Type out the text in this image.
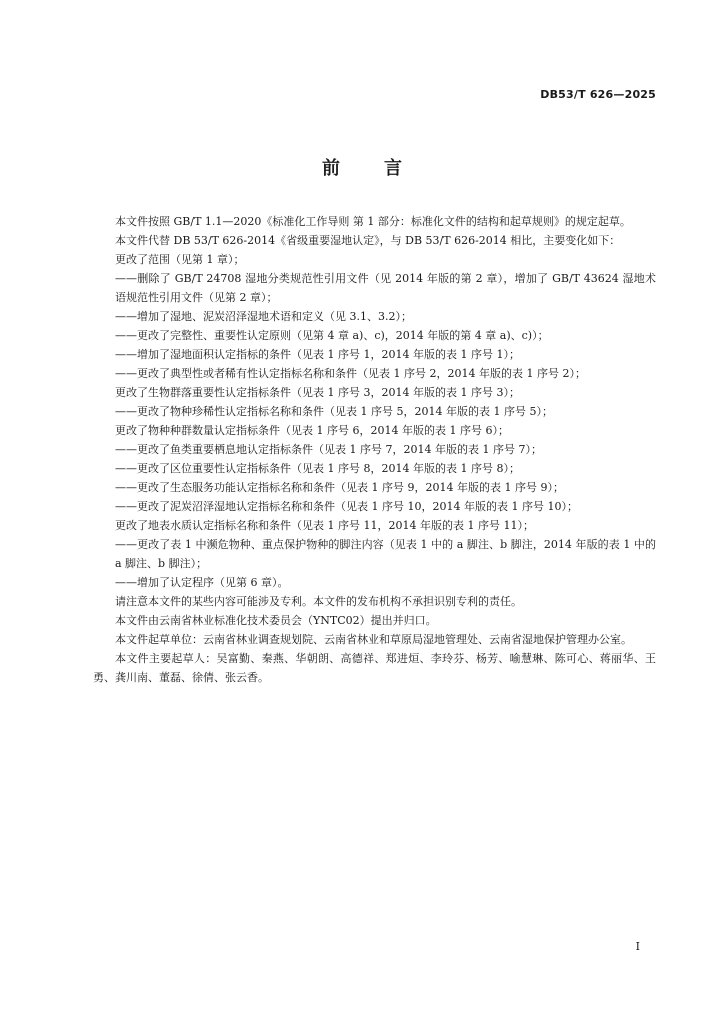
DB53/T 626—2025

前言

本文件按照 GB/T 1.1—2020《标准化工作导则 第 1 部分：标准化文件的结构和起草规则》的规定起草。

本文件代替 DB 53/T 626-2014《省级重要湿地认定》，与 DB 53/T 626-2014 相比，主要变化如下：

更改了范围（见第 1 章）；

——删除了 GB/T 24708 湿地分类规范性引用文件（见 2014 年版的第 2 章），增加了 GB/T 43624 湿地术语规范性引用文件（见第 2 章）；

——增加了湿地、泥炭沼泽湿地术语和定义（见 3.1、3.2）；

——更改了完整性、重要性认定原则（见第 4 章 a)、c)，2014 年版的第 4 章 a)、c)）；

——增加了湿地面积认定指标的条件（见表 1 序号 1，2014 年版的表 1 序号 1）；

——更改了典型性或者稀有性认定指标名称和条件（见表 1 序号 2，2014 年版的表 1 序号 2）；

更改了生物群落重要性认定指标条件（见表 1 序号 3，2014 年版的表 1 序号 3）；

——更改了物种珍稀性认定指标名称和条件（见表 1 序号 5，2014 年版的表 1 序号 5）；

更改了物种种群数量认定指标条件（见表 1 序号 6，2014 年版的表 1 序号 6）；

——更改了鱼类重要栖息地认定指标条件（见表 1 序号 7，2014 年版的表 1 序号 7）；

——更改了区位重要性认定指标条件（见表 1 序号 8，2014 年版的表 1 序号 8）；

——更改了生态服务功能认定指标名称和条件（见表 1 序号 9，2014 年版的表 1 序号 9）；

——更改了泥炭沼泽湿地认定指标名称和条件（见表 1 序号 10，2014 年版的表 1 序号 10）；

更改了地表水质认定指标名称和条件（见表 1 序号 11，2014 年版的表 1 序号 11）；

——更改了表 1 中濒危物种、重点保护物种的脚注内容（见表 1 中的 a 脚注、b 脚注，2014 年版的表 1 中的 a 脚注、b 脚注）；

——增加了认定程序（见第 6 章）。

请注意本文件的某些内容可能涉及专利。本文件的发布机构不承担识别专利的责任。

本文件由云南省林业标准化技术委员会（YNTC02）提出并归口。

本文件起草单位：云南省林业调查规划院、云南省林业和草原局湿地管理处、云南省湿地保护管理办公室。

本文件主要起草人：吴富勤、秦燕、华朝朗、高德祥、郑进烜、李玲芬、杨芳、喻慧琳、陈可心、蒋丽华、王勇、龚川南、董磊、徐倩、张云香。

I
